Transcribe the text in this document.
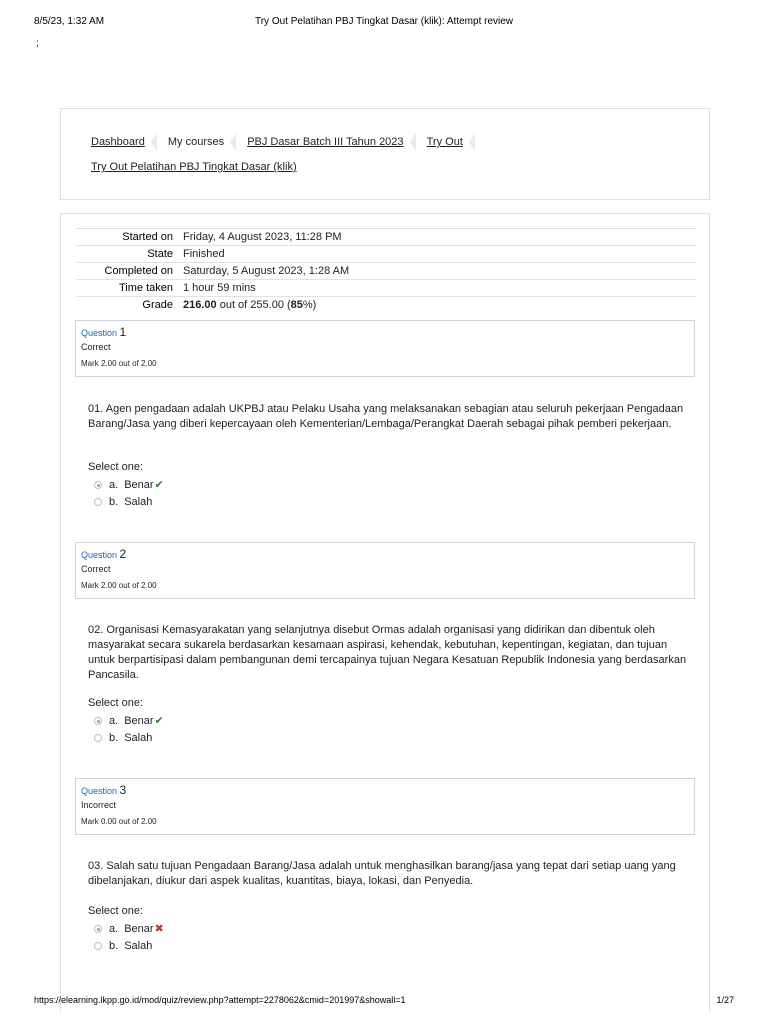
8/5/23, 1:32 AM	Try Out Pelatihan PBJ Tingkat Dasar (klik): Attempt review
;
Dashboard My courses PBJ Dasar Batch III Tahun 2023 Try Out
Try Out Pelatihan PBJ Tingkat Dasar (klik)
Started on	Friday, 4 August 2023, 11:28 PM
State	Finished
Completed on	Saturday, 5 August 2023, 1:28 AM
Time taken	1 hour 59 mins
Grade	216.00 out of 255.00 (85%)
Question 1
Correct
Mark 2.00 out of 2.00
01. Agen pengadaan adalah UKPBJ atau Pelaku Usaha yang melaksanakan sebagian atau seluruh pekerjaan Pengadaan Barang/Jasa yang diberi kepercayaan oleh Kementerian/Lembaga/Perangkat Daerah sebagai pihak pemberi pekerjaan.
Select one:
a. Benar✔
b. Salah
Question 2
Correct
Mark 2.00 out of 2.00
02. Organisasi Kemasyarakatan yang selanjutnya disebut Ormas adalah organisasi yang didirikan dan dibentuk oleh masyarakat secara sukarela berdasarkan kesamaan aspirasi, kehendak, kebutuhan, kepentingan, kegiatan, dan tujuan untuk berpartisipasi dalam pembangunan demi tercapainya tujuan Negara Kesatuan Republik Indonesia yang berdasarkan Pancasila.
Select one:
a. Benar✔
b. Salah
Question 3
Incorrect
Mark 0.00 out of 2.00
03. Salah satu tujuan Pengadaan Barang/Jasa adalah untuk menghasilkan barang/jasa yang tepat dari setiap uang yang dibelanjakan, diukur dari aspek kualitas, kuantitas, biaya, lokasi, dan Penyedia.
Select one:
a. Benar✖
b. Salah
https://elearning.lkpp.go.id/mod/quiz/review.php?attempt=2278062&cmid=201997&showall=1	1/27
